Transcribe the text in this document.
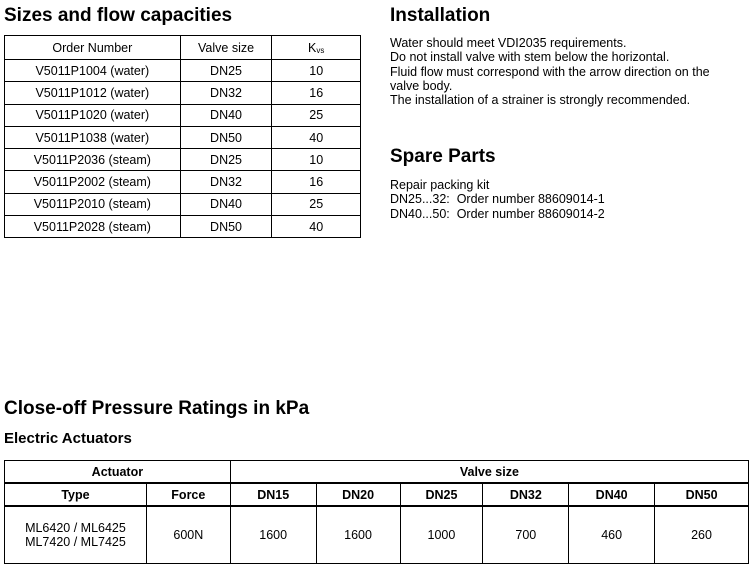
Sizes and flow capacities
Order Number	Valve size	$K_{vs}$
V5011P1004 (water)	DN25	10
V5011P1012 (water)	DN32	16
V5011P1020 (water)	DN40	25
V5011P1038 (water)	DN50	40
V5011P2036 (steam)	DN25	10
V5011P2002 (steam)	DN32	16
V5011P2010 (steam)	DN40	25
V5011P2028 (steam)	DN50	40
Installation

Water should meet VDI2035 requirements.

Do not install valve with stem below the horizontal.

Fluid flow must correspond with the arrow direction on the

valve body.

The installation of a strainer is strongly recommended.

Spare Parts

Repair packing kit

DN25...32:  Order number 88609014-1

DN40...50:  Order number 88609014-2

Close-off Pressure Ratings in kPa
Electric Actuators
Actuator		Valve size					
Type	Force	DN15	DN20	DN25	DN32	DN40	DN50

ML6420 / ML6425
ML7420 / ML7425	600N	1600	1600	1000	700	460	260
